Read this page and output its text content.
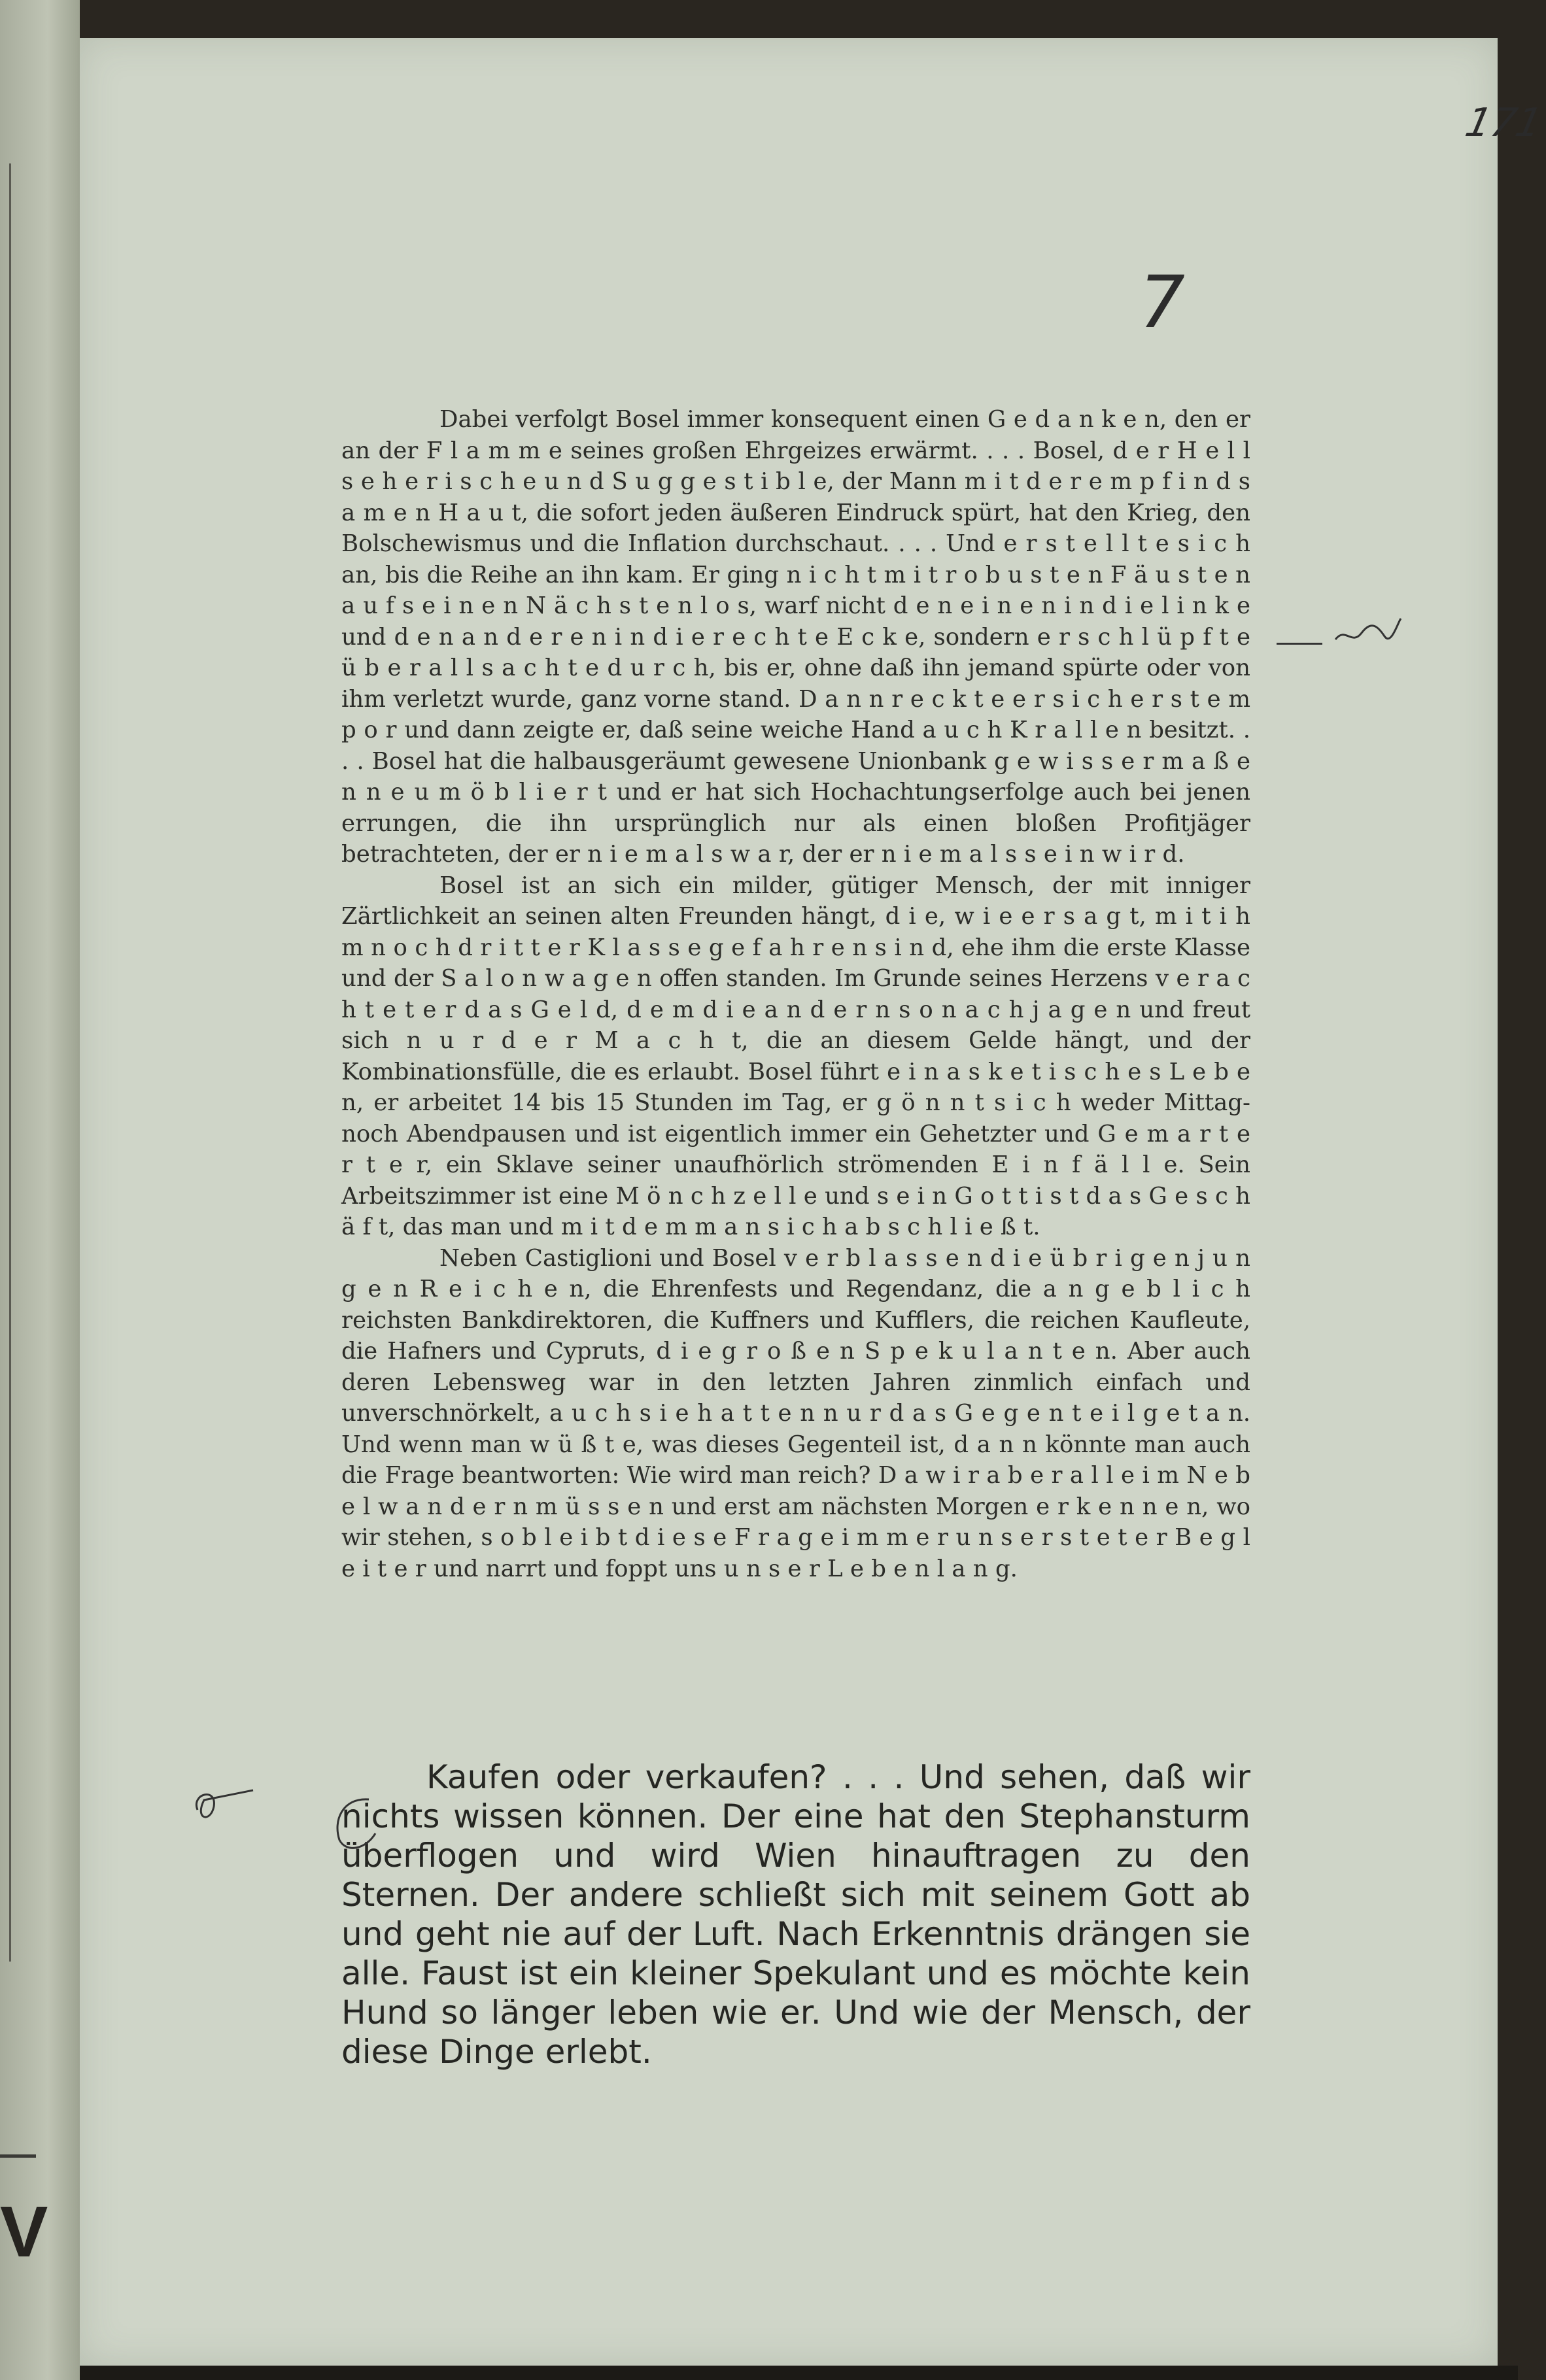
V
171
7

Dabei verfolgt Bosel immer konsequent einen G e d a n k e n, den er an der F l a m m e seines großen Ehrgeizes erwärmt. . . . Bosel, d e r H e l l s e h e r i s c h e u n d S u g g e s t i b l e, der Mann m i t d e r e m p f i n d s a m e n H a u t, die sofort jeden äußeren Eindruck spürt, hat den Krieg, den Bolschewismus und die Inflation durchschaut. . . . Und e r s t e l l t e s i c h an, bis die Reihe an ihn kam. Er ging n i c h t m i t r o b u s t e n F ä u s t e n a u f s e i n e n N ä c h s t e n l o s, warf nicht d e n e i n e n i n d i e l i n k e und d e n a n d e r e n i n d i e r e c h t e E c k e, sondern e r s c h l ü p f t e ü b e r a l l s a c h t e d u r c h, bis er, ohne daß ihn jemand spürte oder von ihm verletzt wurde, ganz vorne stand. D a n n r e c k t e e r s i c h e r s t e m p o r und dann zeigte er, daß seine weiche Hand a u c h K r a l l e n besitzt. . . . Bosel hat die halbausgeräumt gewesene Unionbank g e w i s s e r m a ß e n n e u m ö b l i e r t und er hat sich Hochachtungserfolge auch bei jenen errungen, die ihn ursprünglich nur als einen bloßen Profitjäger betrachteten, der er n i e m a l s w a r, der er n i e m a l s s e i n w i r d.

Bosel ist an sich ein milder, gütiger Mensch, der mit inniger Zärtlichkeit an seinen alten Freunden hängt, d i e, w i e e r s a g t, m i t i h m n o c h d r i t t e r K l a s s e g e f a h r e n s i n d, ehe ihm die erste Klasse und der S a l o n w a g e n offen standen. Im Grunde seines Herzens v e r a c h t e t e r d a s G e l d, d e m d i e a n d e r n s o n a c h j a g e n und freut sich n u r d e r M a c h t, die an diesem Gelde hängt, und der Kombinationsfülle, die es erlaubt. Bosel führt e i n a s k e t i s c h e s L e b e n, er arbeitet 14 bis 15 Stunden im Tag, er g ö n n t s i c h weder Mittag- noch Abendpausen und ist eigentlich immer ein Gehetzter und G e m a r t e r t e r, ein Sklave seiner unaufhörlich strömenden E i n f ä l l e. Sein Arbeitszimmer ist eine M ö n c h z e l l e und s e i n G o t t i s t d a s G e s c h ä f t, das man und m i t d e m m a n s i c h a b s c h l i e ß t.

Neben Castiglioni und Bosel v e r b l a s s e n d i e ü b r i g e n j u n g e n R e i c h e n, die Ehrenfests und Regendanz, die a n g e b l i c h reichsten Bankdirektoren, die Kuffners und Kufflers, die reichen Kaufleute, die Hafners und Cypruts, d i e g r o ß e n S p e k u l a n t e n. Aber auch deren Lebensweg war in den letzten Jahren zinmlich einfach und unverschnörkelt, a u c h s i e h a t t e n n u r d a s G e g e n t e i l g e t a n. Und wenn man w ü ß t e, was dieses Gegenteil ist, d a n n könnte man auch die Frage beantworten: Wie wird man reich? D a w i r a b e r a l l e i m N e b e l w a n d e r n m ü s s e n und erst am nächsten Morgen e r k e n n e n, wo wir stehen, s o b l e i b t d i e s e F r a g e i m m e r u n s e r s t e t e r B e g l e i t e r und narrt und foppt uns u n s e r L e b e n l a n g.

Kaufen oder verkaufen? . . . Und sehen, daß wir nichts wissen können. Der eine hat den Stephansturm überflogen und wird Wien hinauftragen zu den Sternen. Der andere schließt sich mit seinem Gott ab und geht nie auf der Luft. Nach Erkenntnis drängen sie alle. Faust ist ein kleiner Spekulant und es möchte kein Hund so länger leben wie er. Und wie der Mensch, der diese Dinge erlebt.
